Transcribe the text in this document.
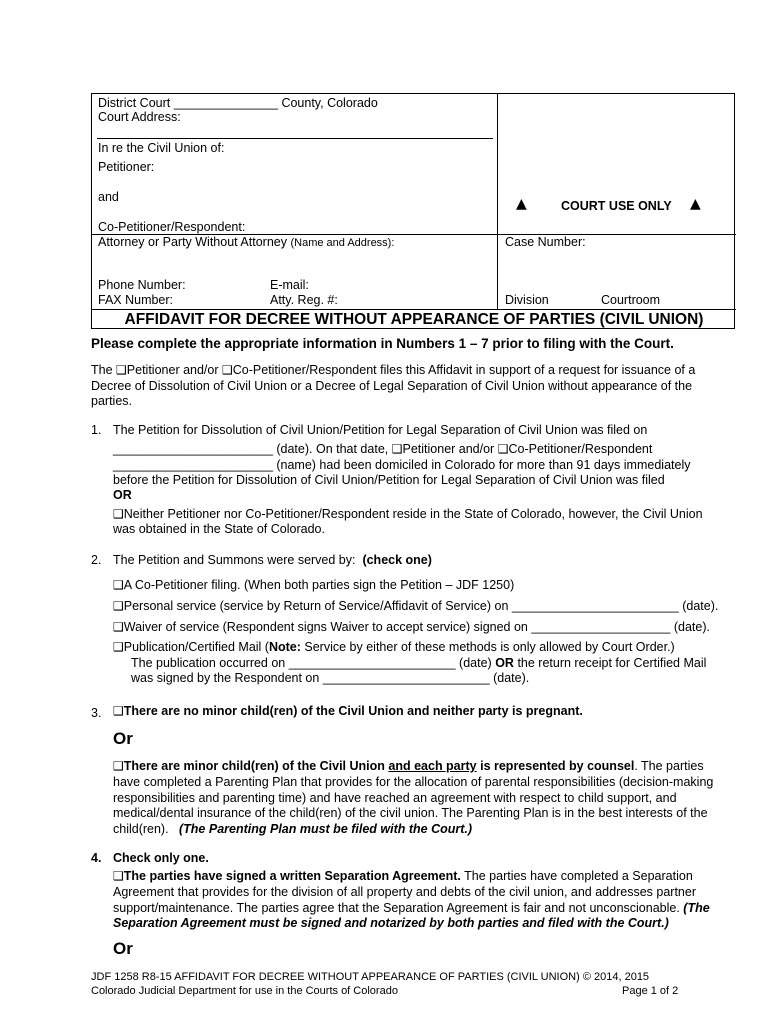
District Court _______________ County, Colorado
Court Address:
In re the Civil Union of:
Petitioner:
and
Co-Petitioner/Respondent:
▲	COURT USE ONLY ▲
Attorney or Party Without Attorney (Name and Address):	Case Number:
Phone Number:	E-mail:
FAX Number:	Atty. Reg. #:	Division	Courtroom
AFFIDAVIT FOR DECREE WITHOUT APPEARANCE OF PARTIES (CIVIL UNION)
Please complete the appropriate information in Numbers 1 – 7 prior to filing with the Court.
The ❑Petitioner and/or ❑Co-Petitioner/Respondent files this Affidavit in support of a request for issuance of a
Decree of Dissolution of Civil Union or a Decree of Legal Separation of Civil Union without appearance of the
parties.
1. The Petition for Dissolution of Civil Union/Petition for Legal Separation of Civil Union was filed on
_______________________ (date). On that date, ❑Petitioner and/or ❑Co-Petitioner/Respondent
_______________________ (name) had been domiciled in Colorado for more than 91 days immediately
before the Petition for Dissolution of Civil Union/Petition for Legal Separation of Civil Union was filed
OR
❑Neither Petitioner nor Co-Petitioner/Respondent reside in the State of Colorado, however, the Civil Union
was obtained in the State of Colorado.
2. The Petition and Summons were served by: (check one)
❑A Co-Petitioner filing. (When both parties sign the Petition – JDF 1250)
❑Personal service (service by Return of Service/Affidavit of Service) on ________________________ (date).
❑Waiver of service (Respondent signs Waiver to accept service) signed on ____________________ (date).
❑Publication/Certified Mail (Note: Service by either of these methods is only allowed by Court Order.)
The publication occurred on ________________________ (date) OR the return receipt for Certified Mail
was signed by the Respondent on ________________________ (date).
3. ❑There are no minor child(ren) of the Civil Union and neither party is pregnant.
Or
❑There are minor child(ren) of the Civil Union and each party is represented by counsel. The parties
have completed a Parenting Plan that provides for the allocation of parental responsibilities (decision-making
responsibilities and parenting time) and have reached an agreement with respect to child support, and
medical/dental insurance of the child(ren) of the civil union. The Parenting Plan is in the best interests of the
child(ren). (The Parenting Plan must be filed with the Court.)
4. Check only one.
❑The parties have signed a written Separation Agreement. The parties have completed a Separation
Agreement that provides for the division of all property and debts of the civil union, and addresses partner
support/maintenance. The parties agree that the Separation Agreement is fair and not unconscionable. (The
Separation Agreement must be signed and notarized by both parties and filed with the Court.)
Or
JDF 1258 R8-15 AFFIDAVIT FOR DECREE WITHOUT APPEARANCE OF PARTIES (CIVIL UNION) © 2014, 2015
Colorado Judicial Department for use in the Courts of Colorado	Page 1 of 2
